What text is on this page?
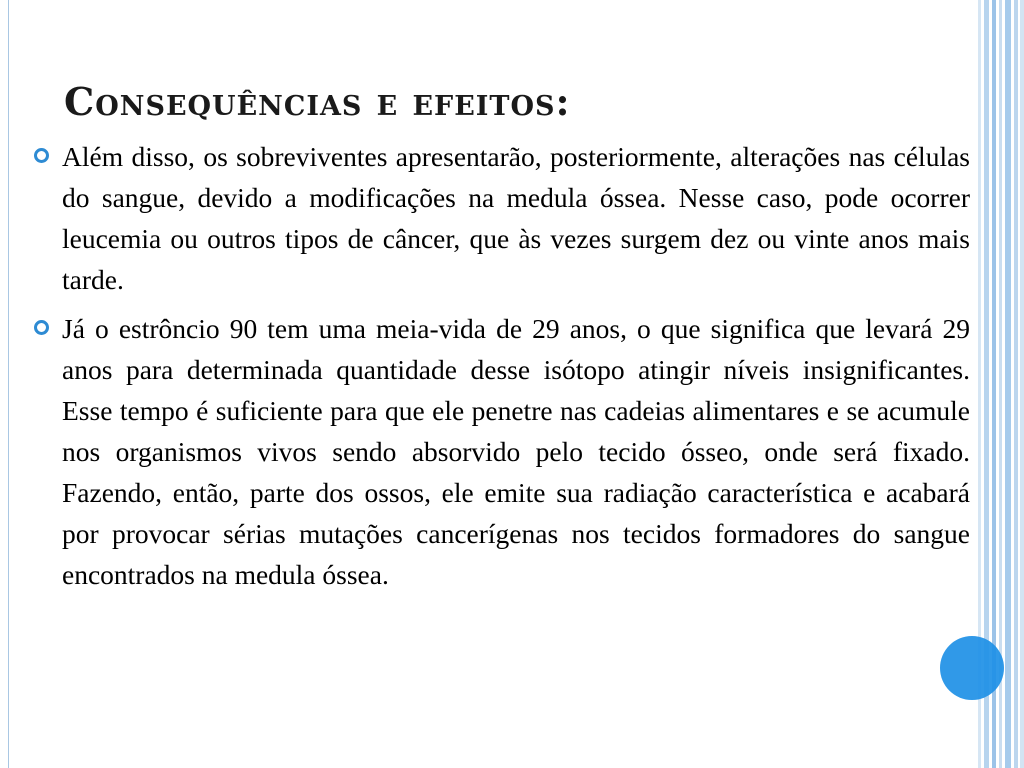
Consequências e efeitos:
Além disso, os sobreviventes apresentarão, posteriormente, alterações nas células do sangue, devido a modificações na medula óssea. Nesse caso, pode ocorrer leucemia ou outros tipos de câncer, que às vezes surgem dez ou vinte anos mais tarde.
Já o estrôncio 90 tem uma meia-vida de 29 anos, o que significa que levará 29 anos para determinada quantidade desse isótopo atingir níveis insignificantes. Esse tempo é suficiente para que ele penetre nas cadeias alimentares e se acumule nos organismos vivos sendo absorvido pelo tecido ósseo, onde será fixado. Fazendo, então, parte dos ossos, ele emite sua radiação característica e acabará por provocar sérias mutações cancerígenas nos tecidos formadores do sangue encontrados na medula óssea.
